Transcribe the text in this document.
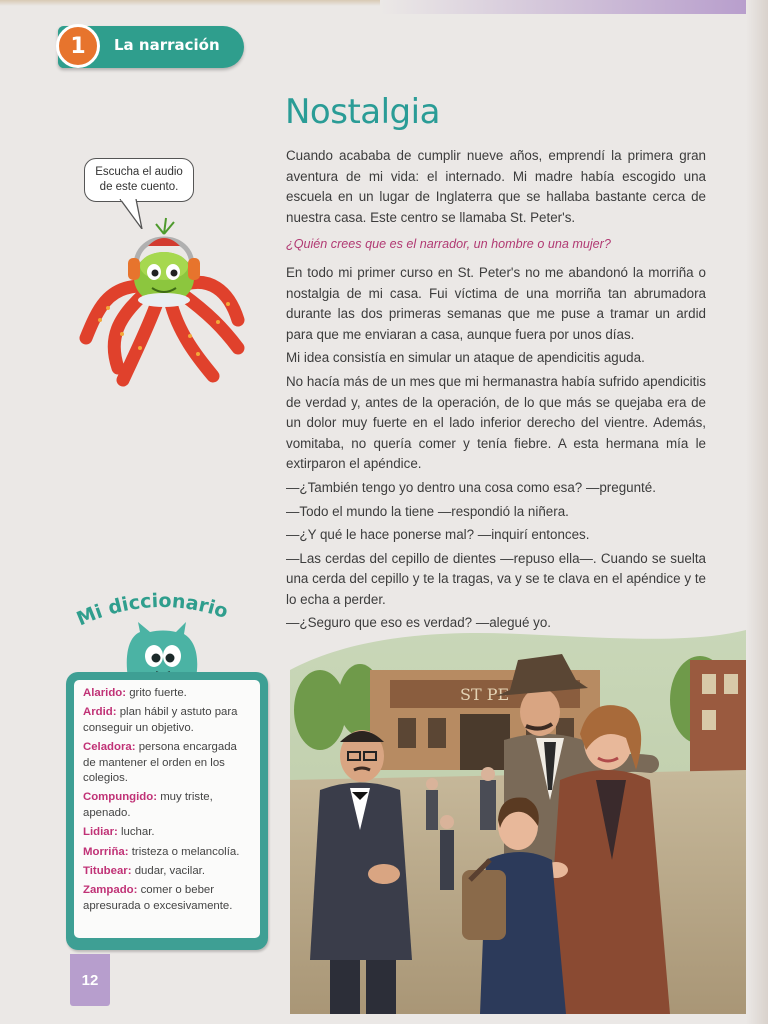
1	La narración
Nostalgia

Cuando acababa de cumplir nueve años, emprendí la primera gran aventura de mi vida: el internado. Mi madre había escogido una escuela en un lugar de Inglaterra que se hallaba bastante cerca de nuestra casa. Este centro se llamaba St. Peter's.

¿Quién crees que es el narrador, un hombre o una mujer?

En todo mi primer curso en St. Peter's no me abandonó la morriña o nostalgia de mi casa. Fui víctima de una morriña tan abrumadora durante las dos primeras semanas que me puse a tramar un ardid para que me enviaran a casa, aunque fuera por unos días.

Mi idea consistía en simular un ataque de apendicitis aguda.

No hacía más de un mes que mi hermanastra había sufrido apendicitis de verdad y, antes de la operación, de lo que más se quejaba era de un dolor muy fuerte en el lado inferior derecho del vientre. Además, vomitaba, no quería comer y tenía fiebre. A esta hermana mía le extirparon el apéndice.

—¿También tengo yo dentro una cosa como esa? —pregunté.

—Todo el mundo la tiene —respondió la niñera.

—¿Y qué le hace ponerse mal? —inquirí entonces.

—Las cerdas del cepillo de dientes —repuso ella—. Cuando se suelta una cerda del cepillo y te la tragas, va y se te clava en el apéndice y te lo echa a perder.

—¿Seguro que eso es verdad? —alegué yo.

Escucha el audio
de este cuento.
Mi diccionario
Alarido: grito fuerte.
Ardid: plan hábil y astuto para conseguir un objetivo.
Celadora: persona encargada de mantener el orden en los colegios.
Compungido: muy triste, apenado.
Lidiar: luchar.
Morriña: tristeza o melancolía.
Titubear: dudar, vacilar.
Zampado: comer o beber apresurada o excesivamente.
12
ST PE
